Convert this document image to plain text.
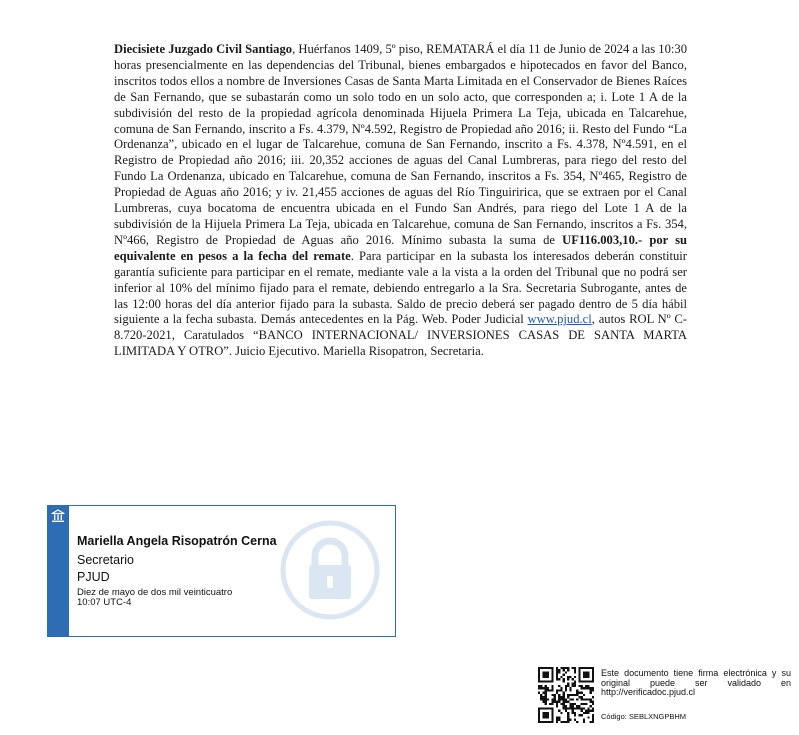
Diecisiete Juzgado Civil Santiago, Huérfanos 1409, 5º piso, REMATARÁ el día 11 de Junio de 2024 a las 10:30 horas presencialmente en las dependencias del Tribunal, bienes embargados e hipotecados en favor del Banco, inscritos todos ellos a nombre de Inversiones Casas de Santa Marta Limitada en el Conservador de Bienes Raíces de San Fernando, que se subastarán como un solo todo en un solo acto, que corresponden a; i. Lote 1 A de la subdivisión del resto de la propiedad agrícola denominada Hijuela Primera La Teja, ubicada en Talcarehue, comuna de San Fernando, inscrito a Fs. 4.379, Nº4.592, Registro de Propiedad año 2016; ii. Resto del Fundo “La Ordenanza”, ubicado en el lugar de Talcarehue, comuna de San Fernando, inscrito a Fs. 4.378, Nº4.591, en el Registro de Propiedad año 2016; iii. 20,352 acciones de aguas del Canal Lumbreras, para riego del resto del Fundo La Ordenanza, ubicado en Talcarehue, comuna de San Fernando, inscritos a Fs. 354, Nº465, Registro de Propiedad de Aguas año 2016; y iv. 21,455 acciones de aguas del Río Tinguiririca, que se extraen por el Canal Lumbreras, cuya bocatoma de encuentra ubicada en el Fundo San Andrés, para riego del Lote 1 A de la subdivisión de la Hijuela Primera La Teja, ubicada en Talcarehue, comuna de San Fernando, inscritos a Fs. 354, Nº466, Registro de Propiedad de Aguas año 2016. Mínimo subasta la suma de UF116.003,10.- por su equivalente en pesos a la fecha del remate. Para participar en la subasta los interesados deberán constituir garantía suficiente para participar en el remate, mediante vale a la vista a la orden del Tribunal que no podrá ser inferior al 10% del mínimo fijado para el remate, debiendo entregarlo a la Sra. Secretaria Subrogante, antes de las 12:00 horas del día anterior fijado para la subasta. Saldo de precio deberá ser pagado dentro de 5 día hábil siguiente a la fecha subasta. Demás antecedentes en la Pág. Web. Poder Judicial www.pjud.cl, autos ROL Nº C-8.720-2021, Caratulados “BANCO INTERNACIONAL/ INVERSIONES CASAS DE SANTA MARTA LIMITADA Y OTRO”. Juicio Ejecutivo. Mariella Risopatron, Secretaria.

Mariella Angela Risopatrón Cerna
Secretario
PJUD
Diez de mayo de dos mil veinticuatro
10:07 UTC-4
Este documento tiene firma electrónica y su original puede ser validado en http://verificadoc.pjud.cl
Código: SEBLXNGPBHM
